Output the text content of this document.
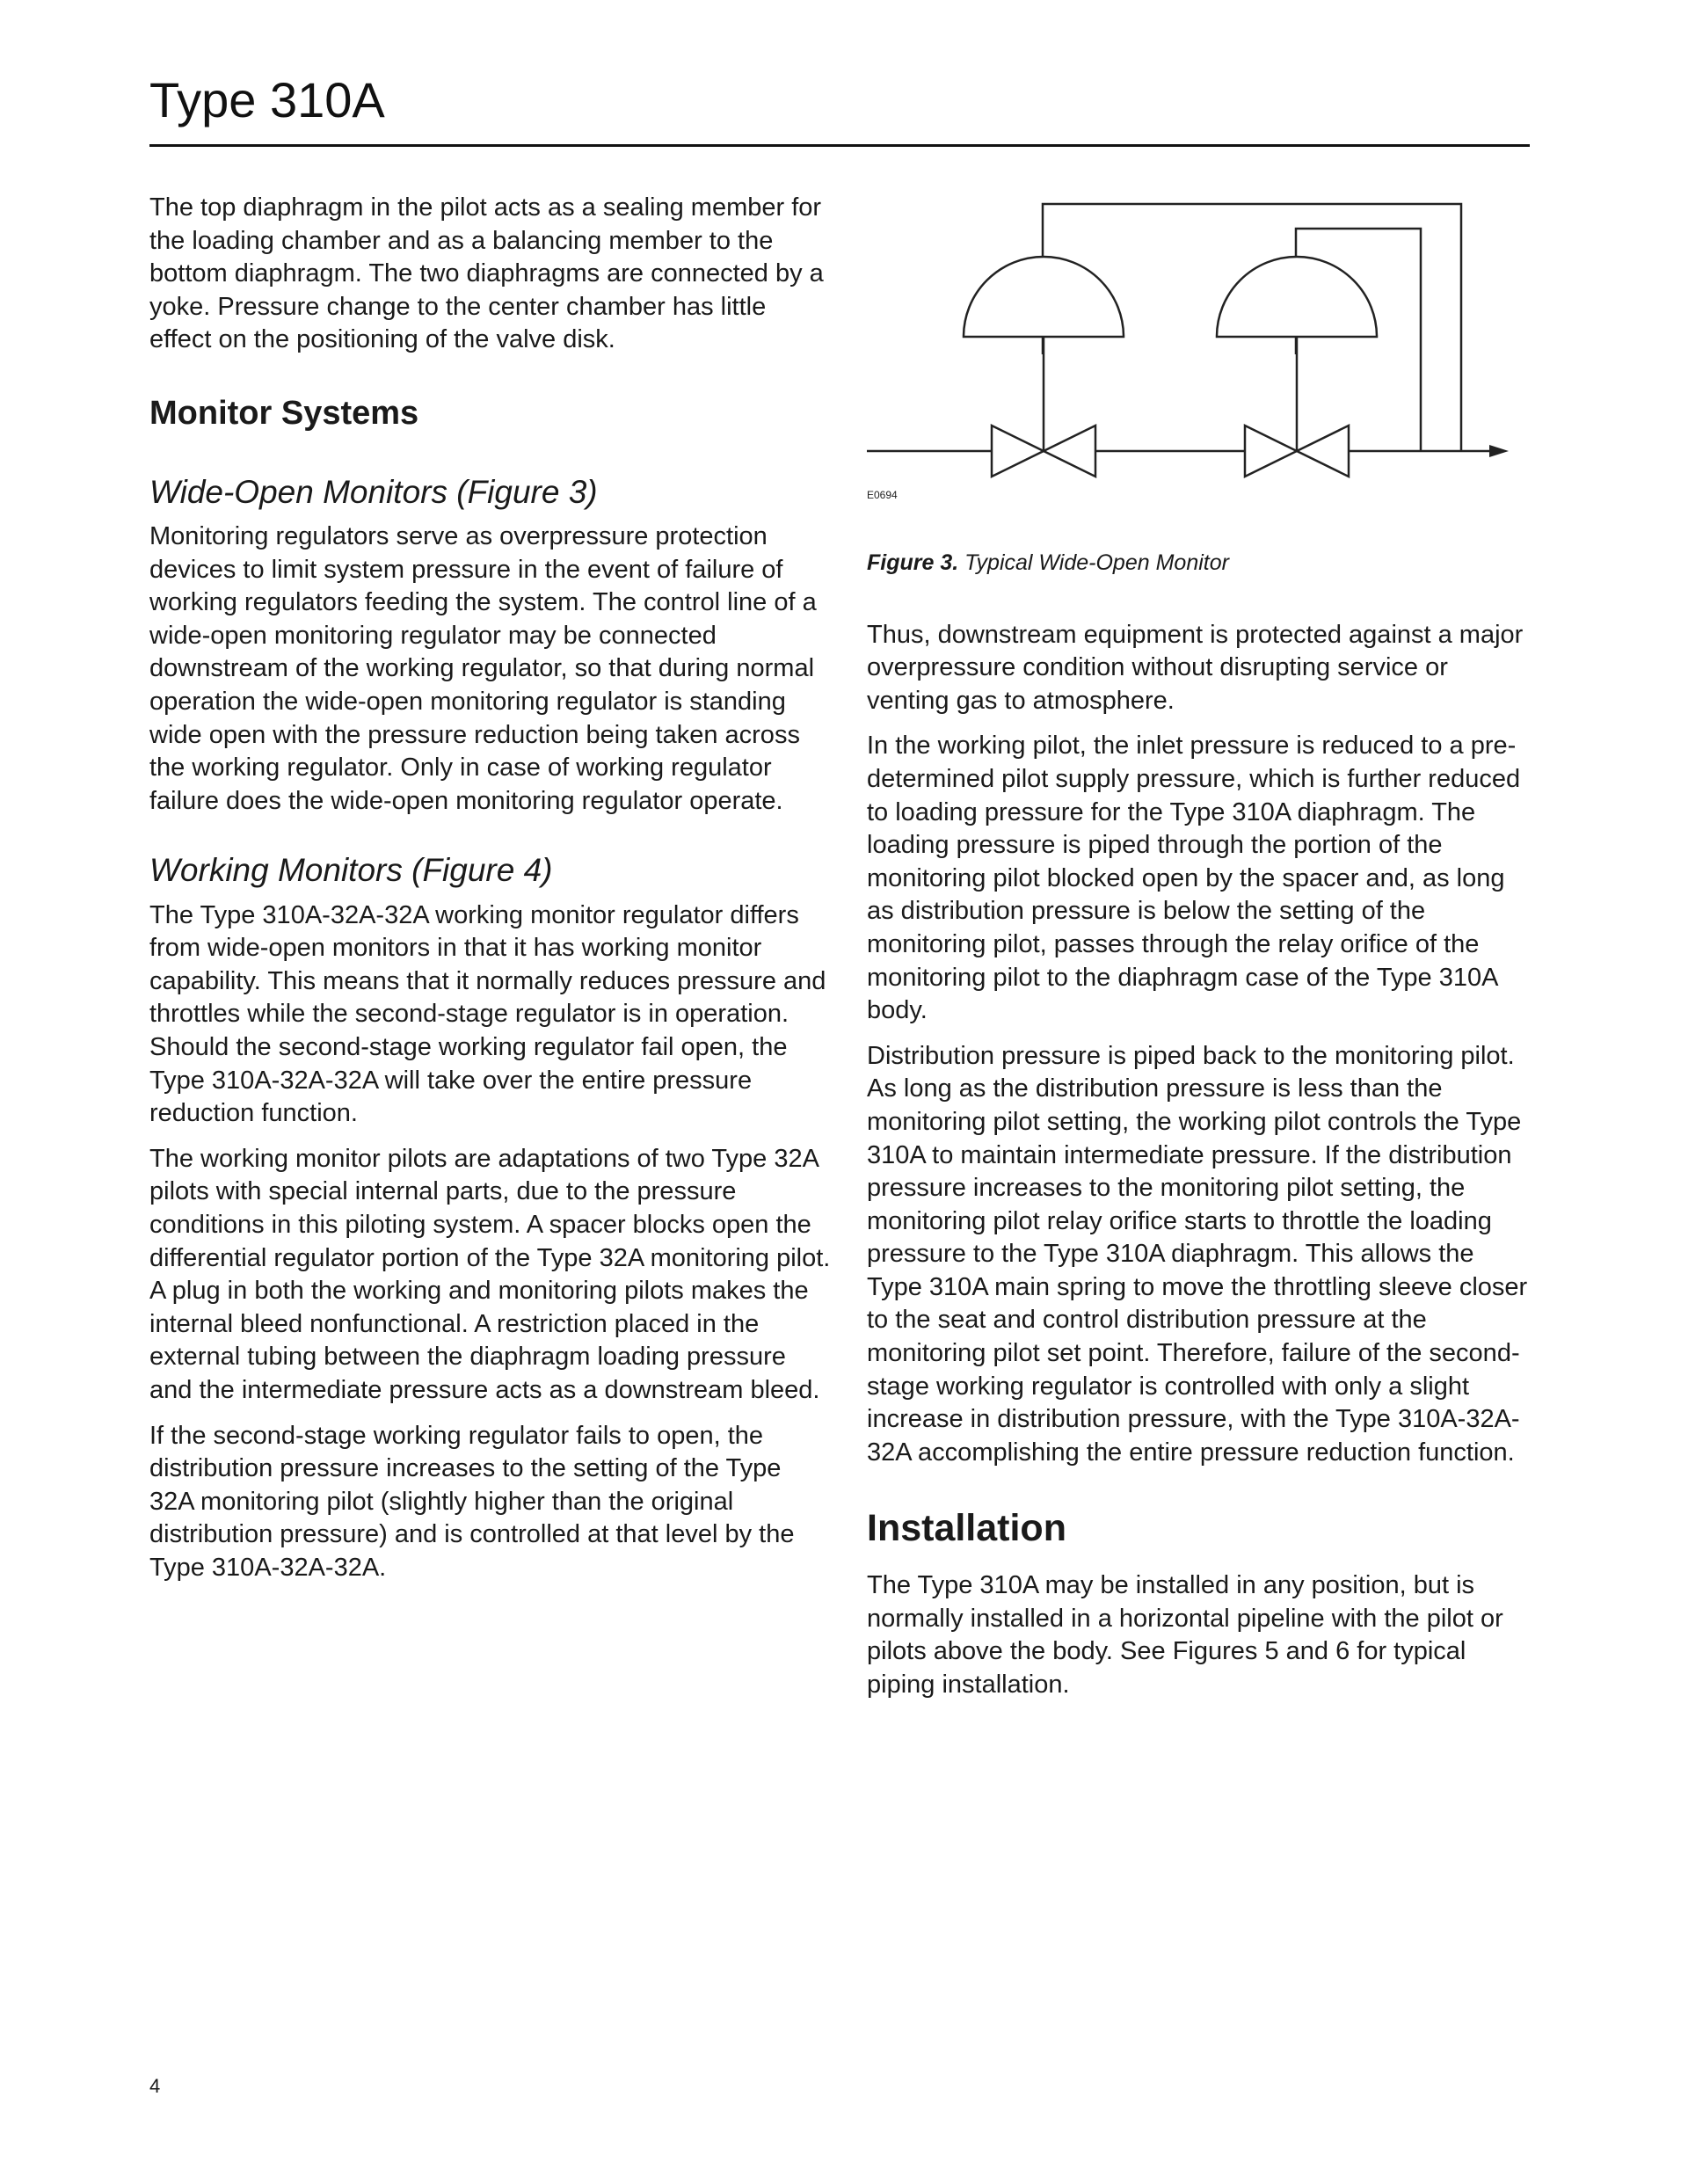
Type 310A

The top diaphragm in the pilot acts as a sealing member for the loading chamber and as a balancing member to the bottom diaphragm. The two diaphragms are connected by a yoke. Pressure change to the center chamber has little effect on the positioning of the valve disk.

Monitor Systems
Wide-Open Monitors (Figure 3)

Monitoring regulators serve as overpressure protection devices to limit system pressure in the event of failure of working regulators feeding the system. The control line of a wide-open monitoring regulator may be connected downstream of the working regulator, so that during normal operation the wide-open monitoring regulator is standing wide open with the pressure reduction being taken across the working regulator. Only in case of working regulator failure does the wide-open monitoring regulator operate.

Working Monitors (Figure 4)

The Type 310A-32A-32A working monitor regulator differs from wide-open monitors in that it has working monitor capability. This means that it normally reduces pressure and throttles while the second-stage regulator is in operation. Should the second-stage working regulator fail open, the Type 310A-32A-32A will take over the entire pressure reduction function.

The working monitor pilots are adaptations of two Type 32A pilots with special internal parts, due to the pressure conditions in this piloting system. A spacer blocks open the differential regulator portion of the Type 32A monitoring pilot. A plug in both the working and monitoring pilots makes the internal bleed nonfunctional. A restriction placed in the external tubing between the diaphragm loading pressure and the intermediate pressure acts as a downstream bleed.

If the second-stage working regulator fails to open, the distribution pressure increases to the setting of the Type 32A monitoring pilot (slightly higher than the original distribution pressure) and is controlled at that level by the Type 310A-32A-32A.

E0694

Figure 3. Typical Wide-Open Monitor

Thus, downstream equipment is protected against a major overpressure condition without disrupting service or venting gas to atmosphere.

In the working pilot, the inlet pressure is reduced to a pre-determined pilot supply pressure, which is further reduced to loading pressure for the Type 310A diaphragm. The loading pressure is piped through the portion of the monitoring pilot blocked open by the spacer and, as long as distribution pressure is below the setting of the monitoring pilot, passes through the relay orifice of the monitoring pilot to the diaphragm case of the Type 310A body.

Distribution pressure is piped back to the monitoring pilot. As long as the distribution pressure is less than the monitoring pilot setting, the working pilot controls the Type 310A to maintain intermediate pressure. If the distribution pressure increases to the monitoring pilot setting, the monitoring pilot relay orifice starts to throttle the loading pressure to the Type 310A diaphragm. This allows the Type 310A main spring to move the throttling sleeve closer to the seat and control distribution pressure at the monitoring pilot set point. Therefore, failure of the second-stage working regulator is controlled with only a slight increase in distribution pressure, with the Type 310A-32A-32A accomplishing the entire pressure reduction function.

Installation

The Type 310A may be installed in any position, but is normally installed in a horizontal pipeline with the pilot or pilots above the body. See Figures 5 and 6 for typical piping installation.

4
